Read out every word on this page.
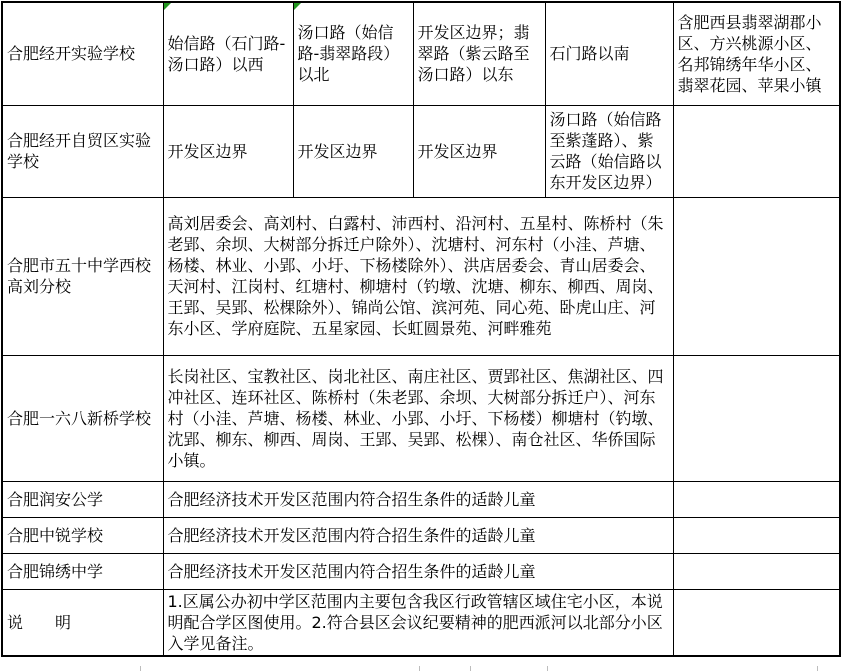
合肥经开实验学校	始信路（石门路-汤口路）以西	汤口路（始信路-翡翠路段）以北	开发区边界；翡翠路（紫云路至汤口路）以东	石门路以南	含肥西县翡翠湖郡小区、方兴桃源小区、名邦锦绣年华小区、翡翠花园、苹果小镇
合肥经开自贸区实验学校	开发区边界	开发区边界	开发区边界	汤口路（始信路至紫蓬路）、紫云路（始信路以东开发区边界）	
合肥市五十中学西校高刘分校	高刘居委会、高刘村、白露村、沛西村、沿河村、五星村、陈桥村（朱老郢、余坝、大树部分拆迁户除外）、沈塘村、河东村（小洼、芦塘、杨楼、林业、小郢、小圩、下杨楼除外）、洪店居委会、青山居委会、天河村、江岗村、红塘村、柳塘村（钓墩、沈塘、柳东、柳西、周岗、王郢、吴郢、松棵除外）、锦尚公馆、滨河苑、同心苑、卧虎山庄、河东小区、学府庭院、五星家园、长虹圆景苑、河畔雅苑				
合肥一六八新桥学校	长岗社区、宝教社区、岗北社区、南庄社区、贾郢社区、焦湖社区、四冲社区、连环社区、陈桥村（朱老郢、余坝、大树部分拆迁户）、河东村（小洼、芦塘、杨楼、林业、小郢、小圩、下杨楼）柳塘村（钓墩、沈郢、柳东、柳西、周岗、王郢、吴郢、松棵）、南仓社区、华侨国际小镇。				
合肥润安公学	合肥经济技术开发区范围内符合招生条件的适龄儿童				
合肥中锐学校	合肥经济技术开发区范围内符合招生条件的适龄儿童				
合肥锦绣中学	合肥经济技术开发区范围内符合招生条件的适龄儿童				
说　　明	1.区属公办初中学区范围内主要包含我区行政管辖区域住宅小区，本说明配合学区图使用。2.符合县区会议纪要精神的肥西派河以北部分小区入学见备注。				
